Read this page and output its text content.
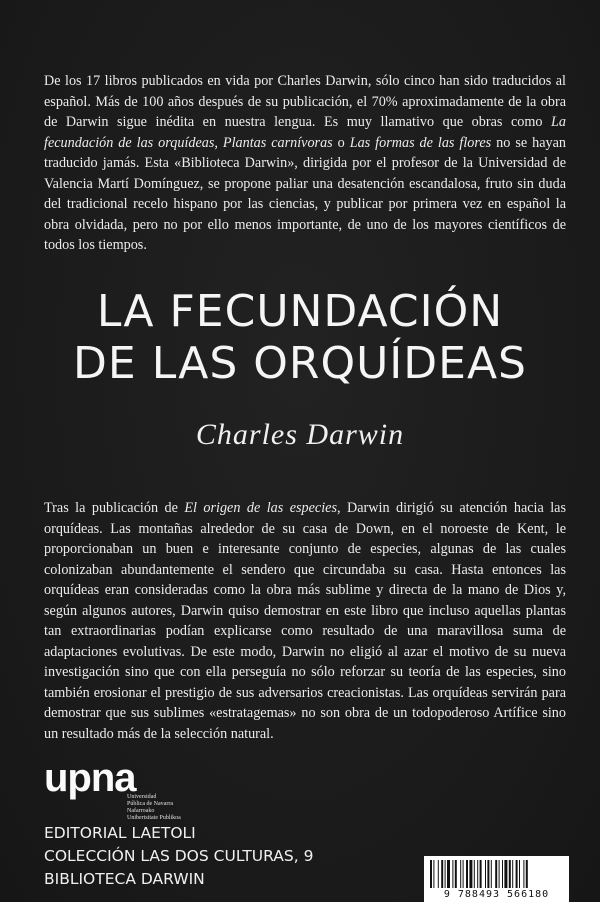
De los 17 libros publicados en vida por Charles Darwin, sólo cinco han sido traducidos al español. Más de 100 años después de su publicación, el 70% aproximadamente de la obra de Darwin sigue inédita en nuestra lengua. Es muy llamativo que obras como La fecundación de las orquídeas, Plantas carnívoras o Las formas de las flores no se hayan traducido jamás. Esta «Biblioteca Darwin», dirigida por el profesor de la Universidad de Valencia Martí Domínguez, se propone paliar una desatención escandalosa, fruto sin duda del tradicional recelo hispano por las ciencias, y publicar por primera vez en español la obra olvidada, pero no por ello menos importante, de uno de los mayores científicos de todos los tiempos.

LA FECUNDACIÓN
DE LAS ORQUÍDEAS
Charles Darwin

Tras la publicación de El origen de las especies, Darwin dirigió su atención hacia las orquídeas. Las montañas alrededor de su casa de Down, en el noroeste de Kent, le proporcionaban un buen e interesante conjunto de especies, algunas de las cuales colonizaban abundantemente el sendero que circundaba su casa. Hasta entonces las orquídeas eran consideradas como la obra más sublime y directa de la mano de Dios y, según algunos autores, Darwin quiso demostrar en este libro que incluso aquellas plantas tan extraordinarias podían explicarse como resultado de una maravillosa suma de adaptaciones evolutivas. De este modo, Darwin no eligió al azar el motivo de su nueva investigación sino que con ella perseguía no sólo reforzar su teoría de las especies, sino también erosionar el prestigio de sus adversarios creacionistas. Las orquídeas servirán para demostrar que sus sublimes «estratagemas» no son obra de un todopoderoso Artífice sino un resultado más de la selección natural.

upna
Universidad
Pública de Navarra
Nafarroako
Unibertsitate Publikoa
EDITORIAL LAETOLI
COLECCIÓN LAS DOS CULTURAS, 9
BIBLIOTECA DARWIN
9 788493 566180
